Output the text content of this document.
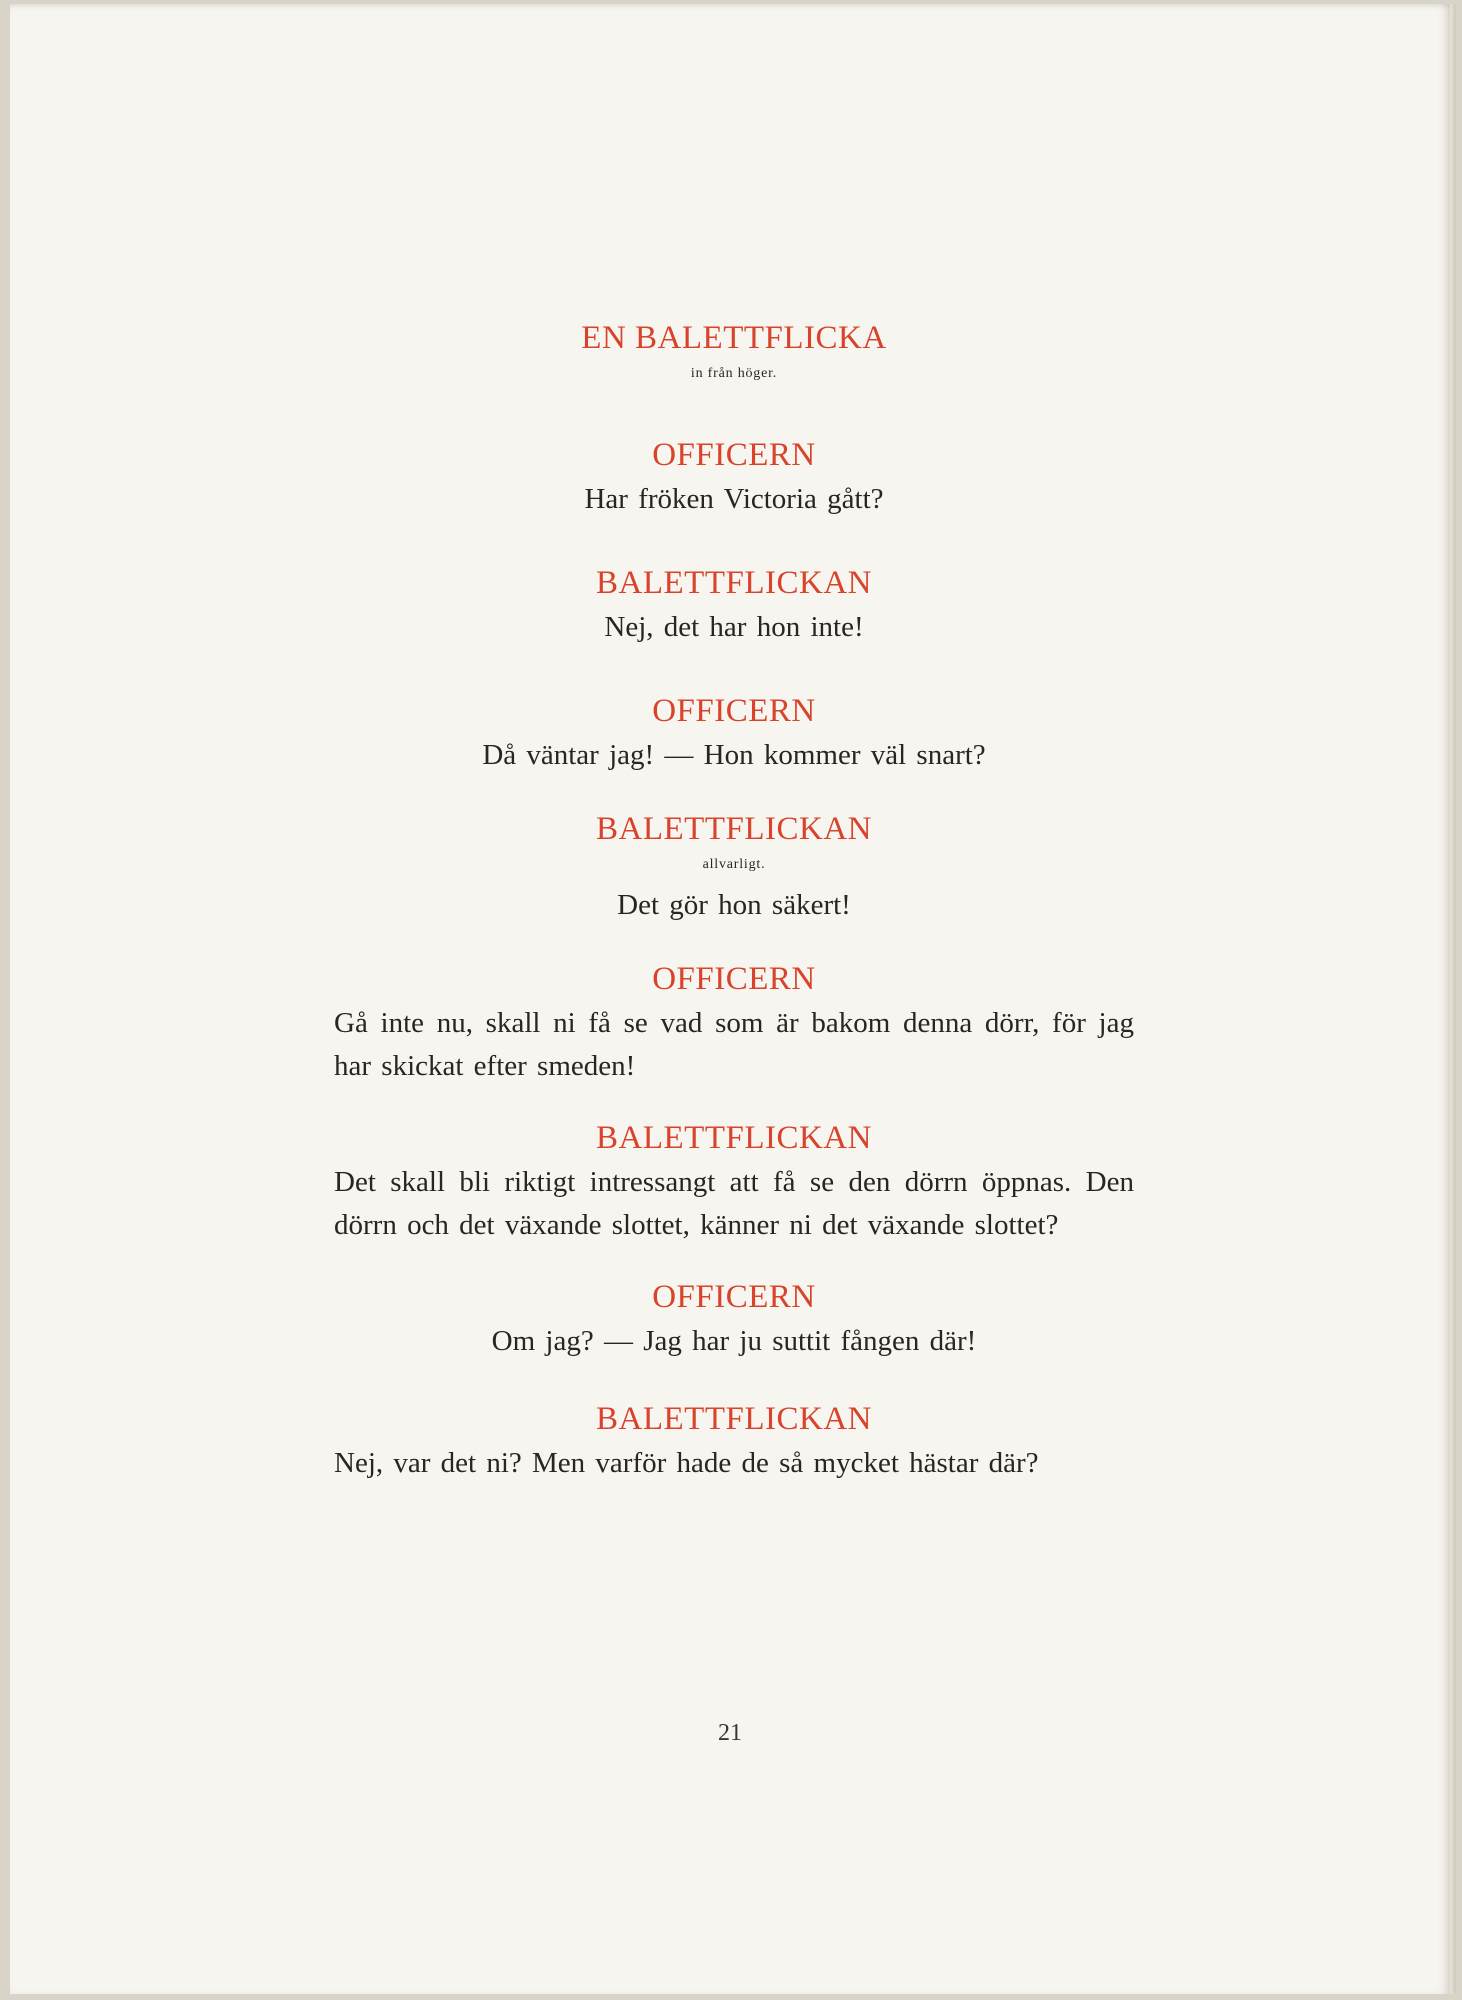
EN BALETTFLICKA

in från höger.

OFFICERN

Har fröken Victoria gått?

BALETTFLICKAN

Nej, det har hon inte!

OFFICERN

Då väntar jag! — Hon kommer väl snart?

BALETTFLICKAN

allvarligt.

Det gör hon säkert!

OFFICERN

Gå inte nu, skall ni få se vad som är bakom denna dörr, för jag har skickat efter smeden!

BALETTFLICKAN

Det skall bli riktigt intressangt att få se den dörrn öppnas. Den dörrn och det växande slottet, känner ni det växande slottet?

OFFICERN

Om jag? — Jag har ju suttit fången där!

BALETTFLICKAN

Nej, var det ni? Men varför hade de så mycket hästar där?

21
